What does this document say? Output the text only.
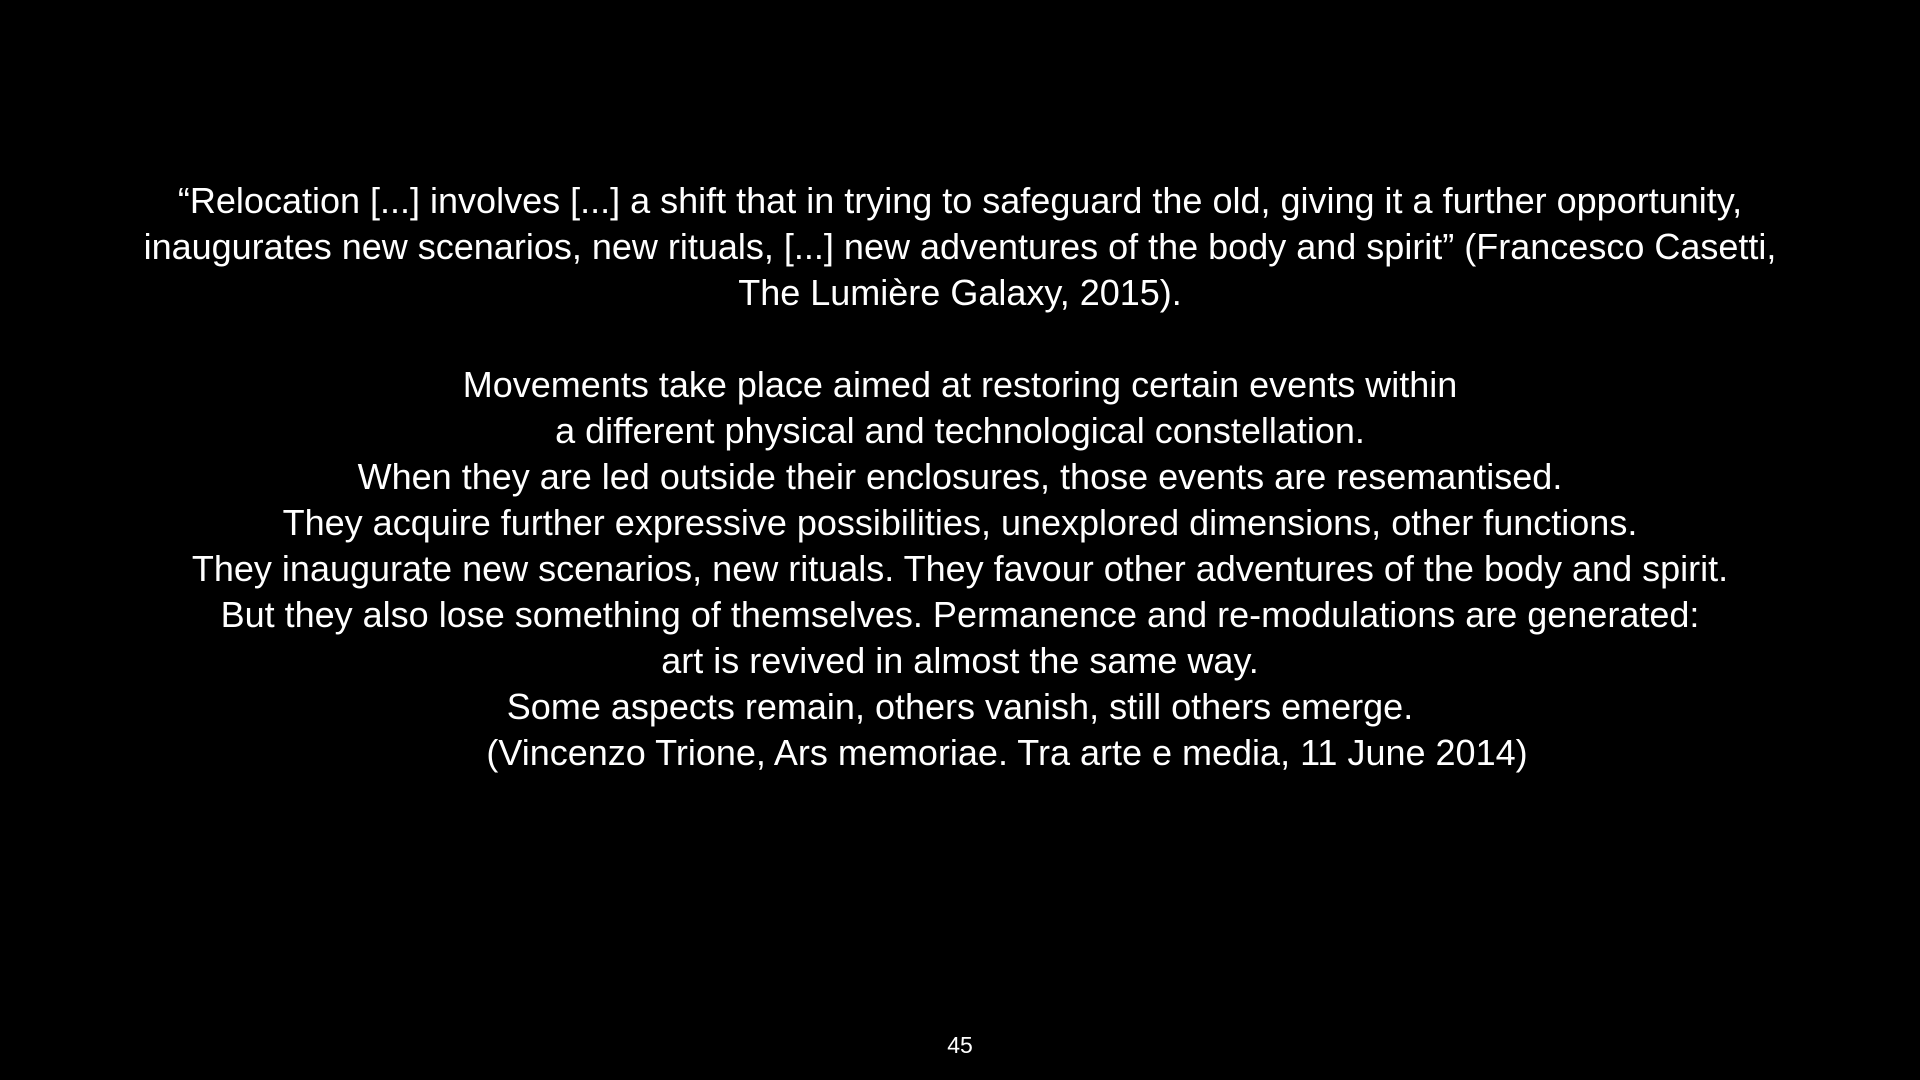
“Relocation [...] involves [...] a shift that in trying to safeguard the old, giving it a further opportunity,
inaugurates new scenarios, new rituals, [...] new adventures of the body and spirit” (Francesco Casetti,
The Lumière Galaxy, 2015).
Movements take place aimed at restoring certain events within
a different physical and technological constellation.
When they are led outside their enclosures, those events are resemantised.
They acquire further expressive possibilities, unexplored dimensions, other functions.
They inaugurate new scenarios, new rituals. They favour other adventures of the body and spirit.
But they also lose something of themselves. Permanence and re-modulations are generated:
art is revived in almost the same way.
Some aspects remain, others vanish, still others emerge.
(Vincenzo Trione, Ars memoriae. Tra arte e media, 11 June 2014)
45
